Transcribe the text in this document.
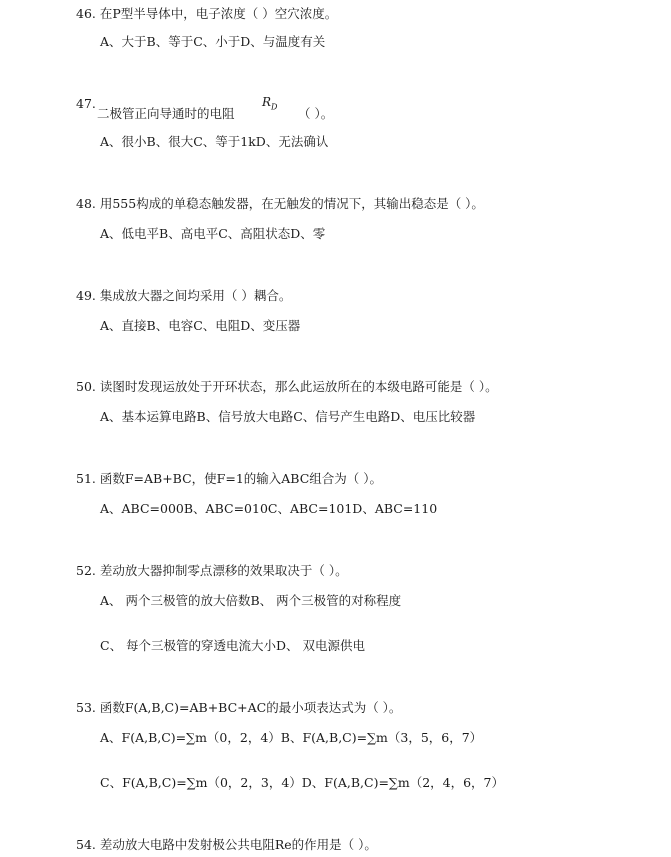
46. 在P型半导体中，电子浓度（ ）空穴浓度。
A、大于B、等于C、小于D、与温度有关
47.
二极管正向导通时的电阻
$R_D$ （ ）。
A、很小B、很大C、等于1kD、无法确认
48. 用555构成的单稳态触发器，在无触发的情况下，其输出稳态是（ ）。
A、低电平B、高电平C、高阻状态D、零
49. 集成放大器之间均采用（ ）耦合。
A、直接B、电容C、电阻D、变压器
50. 读图时发现运放处于开环状态，那么此运放所在的本级电路可能是（ ）。
A、基本运算电路B、信号放大电路C、信号产生电路D、电压比较器
51. 函数F=AB+BC，使F=1的输入ABC组合为（ ）。
A、ABC=000B、ABC=010C、ABC=101D、ABC=110
52. 差动放大器抑制零点漂移的效果取决于（ ）。
A、 两个三极管的放大倍数B、 两个三极管的对称程度
C、 每个三极管的穿透电流大小D、 双电源供电
53. 函数F(A,B,C)=AB+BC+AC的最小项表达式为（ ）。
A、F(A,B,C)=∑m（0，2，4）B、F(A,B,C)=∑m（3，5，6，7）
C、F(A,B,C)=∑m（0，2，3，4）D、F(A,B,C)=∑m（2，4，6，7）
54. 差动放大电路中发射极公共电阻Re的作用是（ ）。
